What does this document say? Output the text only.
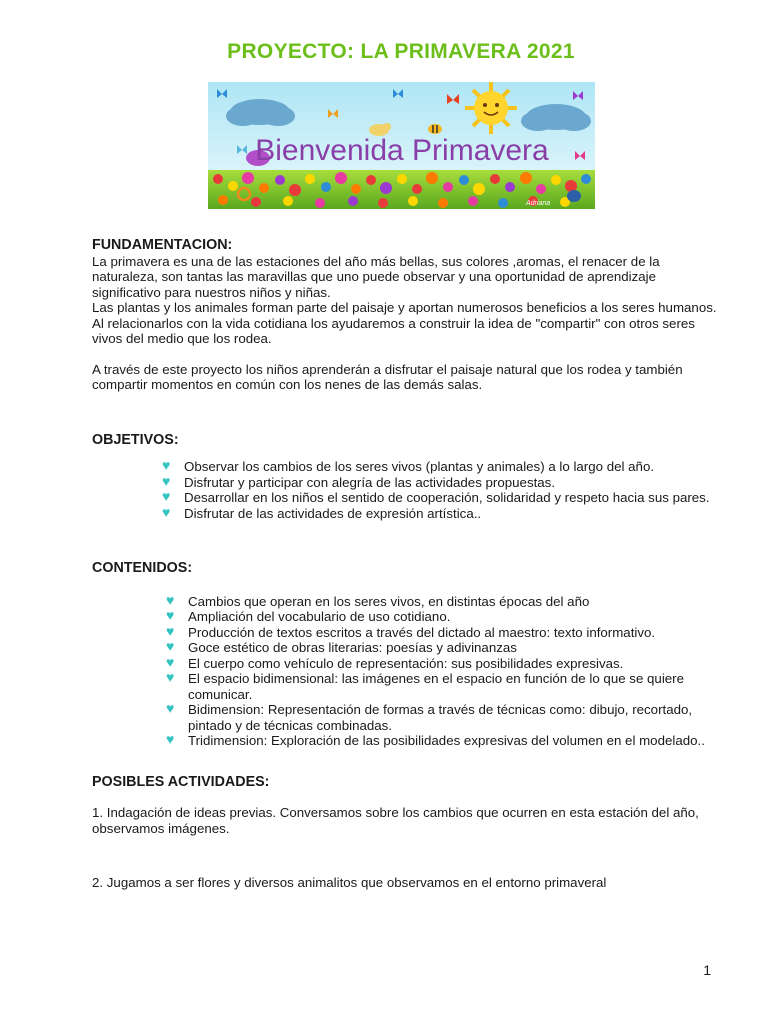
PROYECTO: LA PRIMAVERA 2021
Bienvenida Primavera
Adriana

FUNDAMENTACION:

La primavera es una de las estaciones del año más bellas, sus colores ,aromas, el renacer de la naturaleza, son tantas las maravillas que uno puede observar y una oportunidad de aprendizaje significativo para nuestros niños y niñas.

Las plantas y los animales forman parte del paisaje y aportan numerosos beneficios a los seres humanos. Al relacionarlos con la vida cotidiana los ayudaremos a construir la idea de "compartir" con otros seres vivos del medio que los rodea.

A través de este proyecto los niños aprenderán a disfrutar el paisaje natural que los rodea y también compartir momentos en común con los nenes de las demás salas.

OBJETIVOS:

♥ Observar los cambios de los seres vivos (plantas y animales) a lo largo del año.
♥ Disfrutar y participar con alegría de las actividades propuestas.
♥ Desarrollar en los niños el sentido de cooperación, solidaridad y respeto hacia sus pares.
♥ Disfrutar de las actividades de expresión artística..

CONTENIDOS:

♥ Cambios que operan en los seres vivos, en distintas épocas del año
♥ Ampliación del vocabulario de uso cotidiano.
♥ Producción de textos escritos a través del dictado al maestro: texto informativo.
♥ Goce estético de obras literarias: poesías y adivinanzas
♥ El cuerpo como vehículo de representación: sus posibilidades expresivas.
♥ El espacio bidimensional: las imágenes en el espacio en función de lo que se quiere comunicar.
♥ Bidimension: Representación de formas a través de técnicas como: dibujo, recortado, pintado y de técnicas combinadas.
♥ Tridimension: Exploración de las posibilidades expresivas del volumen en el modelado..

POSIBLES ACTIVIDADES:

1. Indagación de ideas previas. Conversamos sobre los cambios que ocurren en esta estación del año, observamos imágenes.

2. Jugamos a ser flores y diversos animalitos que observamos en el entorno primaveral

1
